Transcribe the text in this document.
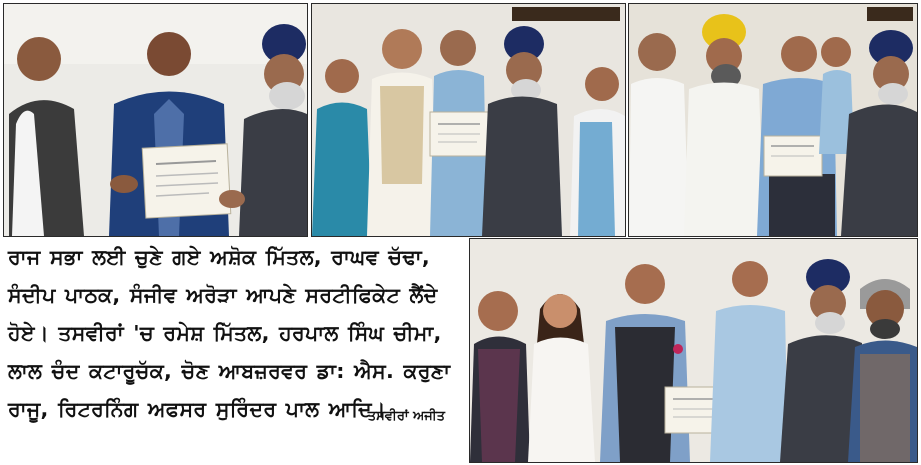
ਰਾਜ ਸਭਾ ਲਈ ਚੁਣੇ ਗਏ ਅਸ਼ੋਕ ਮਿੱਤਲ, ਰਾਘਵ ਚੱਢਾ, ਸੰਦੀਪ ਪਾਠਕ, ਸੰਜੀਵ ਅਰੋੜਾ ਆਪਣੇ ਸਰਟੀਫਿਕੇਟ ਲੈਂਦੇ ਹੋਏ। ਤਸਵੀਰਾਂ 'ਚ ਰਮੇਸ਼ ਮਿੱਤਲ, ਹਰਪਾਲ ਸਿੰਘ ਚੀਮਾ, ਲਾਲ ਚੰਦ ਕਟਾਰੂਚੱਕ, ਚੋਣ ਆਬਜ਼ਰਵਰ ਡਾ: ਐਸ. ਕਰੁਣਾ ਰਾਜੂ, ਰਿਟਰਨਿੰਗ ਅਫਸਰ ਸੁਰਿੰਦਰ ਪਾਲ ਆਦਿ।

ਤਸਵੀਰਾਂ ਅਜੀਤ
